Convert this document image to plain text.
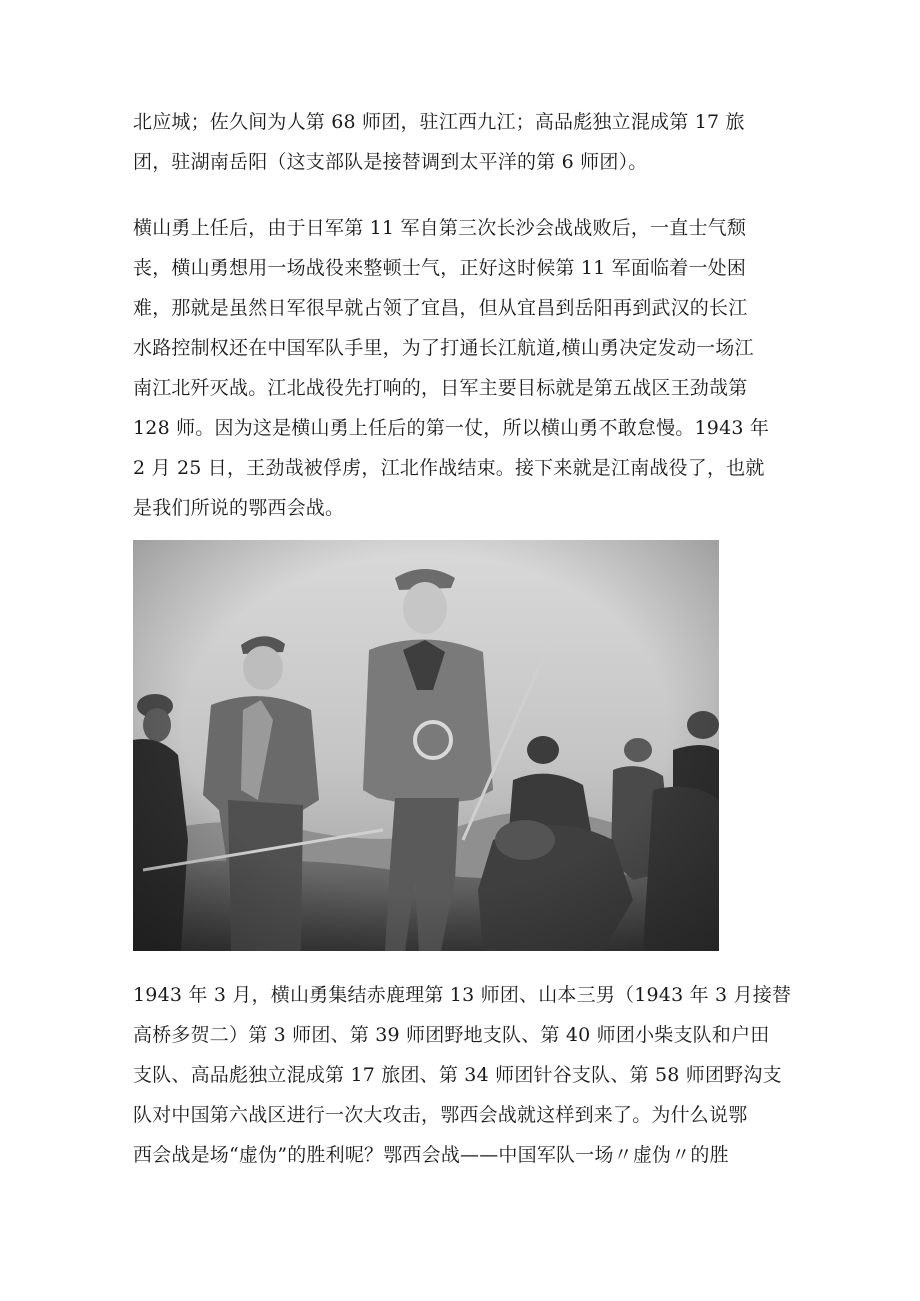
北应城；佐久间为人第 68 师团，驻江西九江；高品彪独立混成第 17 旅
团，驻湖南岳阳（这支部队是接替调到太平洋的第 6 师团）。
横山勇上任后，由于日军第 11 军自第三次长沙会战战败后，一直士气颓
丧，横山勇想用一场战役来整顿士气，正好这时候第 11 军面临着一处困
难，那就是虽然日军很早就占领了宜昌，但从宜昌到岳阳再到武汉的长江
水路控制权还在中国军队手里，为了打通长江航道,横山勇决定发动一场江
南江北歼灭战。江北战役先打响的，日军主要目标就是第五战区王劲哉第
128 师。因为这是横山勇上任后的第一仗，所以横山勇不敢怠慢。1943 年
2 月 25 日，王劲哉被俘虏，江北作战结束。接下来就是江南战役了，也就
是我们所说的鄂西会战。
1943 年 3 月，横山勇集结赤鹿理第 13 师团、山本三男（1943 年 3 月接替
高桥多贺二）第 3 师团、第 39 师团野地支队、第 40 师团小柴支队和户田
支队、高品彪独立混成第 17 旅团、第 34 师团针谷支队、第 58 师团野沟支
队对中国第六战区进行一次大攻击，鄂西会战就这样到来了。为什么说鄂
西会战是场“虚伪”的胜利呢？鄂西会战——中国军队一场〃虚伪〃的胜
